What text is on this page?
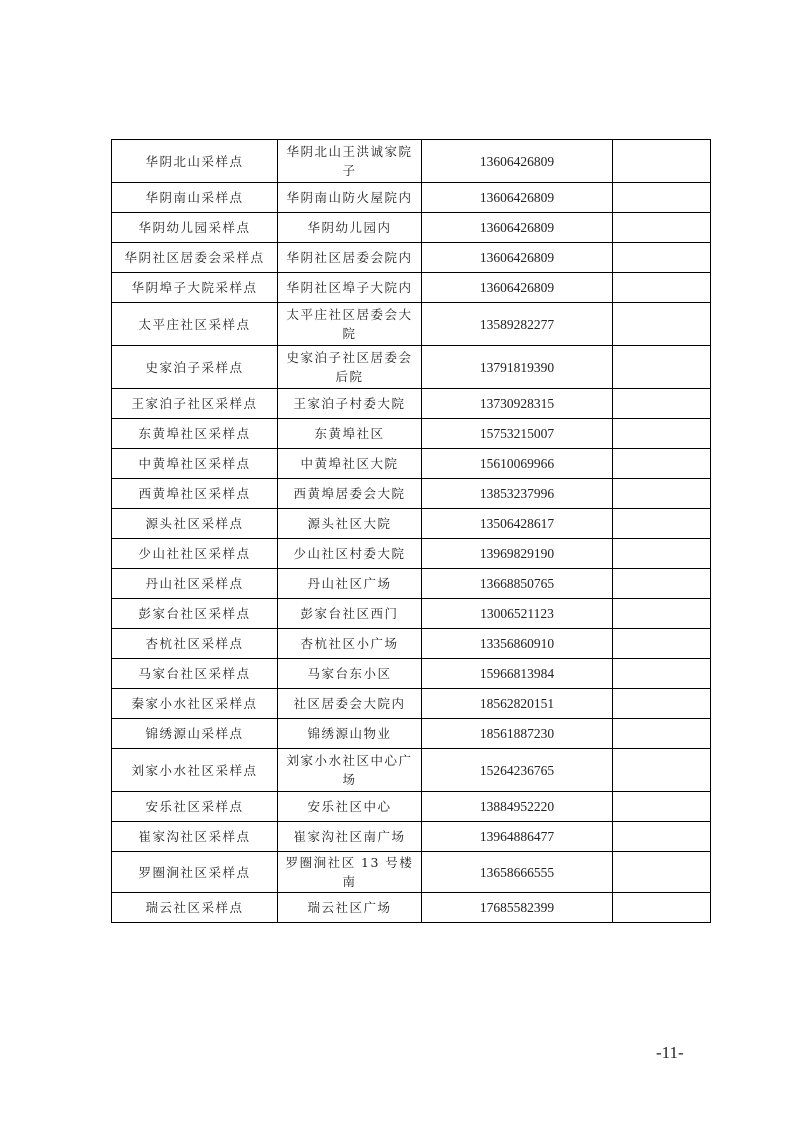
华阴北山采样点	华阴北山王洪诚家院子	13606426809	
华阴南山采样点	华阴南山防火屋院内	13606426809	
华阴幼儿园采样点	华阴幼儿园内	13606426809	
华阴社区居委会采样点	华阴社区居委会院内	13606426809	
华阴埠子大院采样点	华阴社区埠子大院内	13606426809	
太平庄社区采样点	太平庄社区居委会大院	13589282277	
史家泊子采样点	史家泊子社区居委会后院	13791819390	
王家泊子社区采样点	王家泊子村委大院	13730928315	
东黄埠社区采样点	东黄埠社区	15753215007	
中黄埠社区采样点	中黄埠社区大院	15610069966	
西黄埠社区采样点	西黄埠居委会大院	13853237996	
源头社区采样点	源头社区大院	13506428617	
少山社社区采样点	少山社区村委大院	13969829190	
丹山社区采样点	丹山社区广场	13668850765	
彭家台社区采样点	彭家台社区西门	13006521123	
杏杭社区采样点	杏杭社区小广场	13356860910	
马家台社区采样点	马家台东小区	15966813984	
秦家小水社区采样点	社区居委会大院内	18562820151	
锦绣源山采样点	锦绣源山物业	18561887230	
刘家小水社区采样点	刘家小水社区中心广场	15264236765	
安乐社区采样点	安乐社区中心	13884952220	
崔家沟社区采样点	崔家沟社区南广场	13964886477	
罗圈涧社区采样点	罗圈涧社区 13 号楼南	13658666555	
瑞云社区采样点	瑞云社区广场	17685582399	
-11-
